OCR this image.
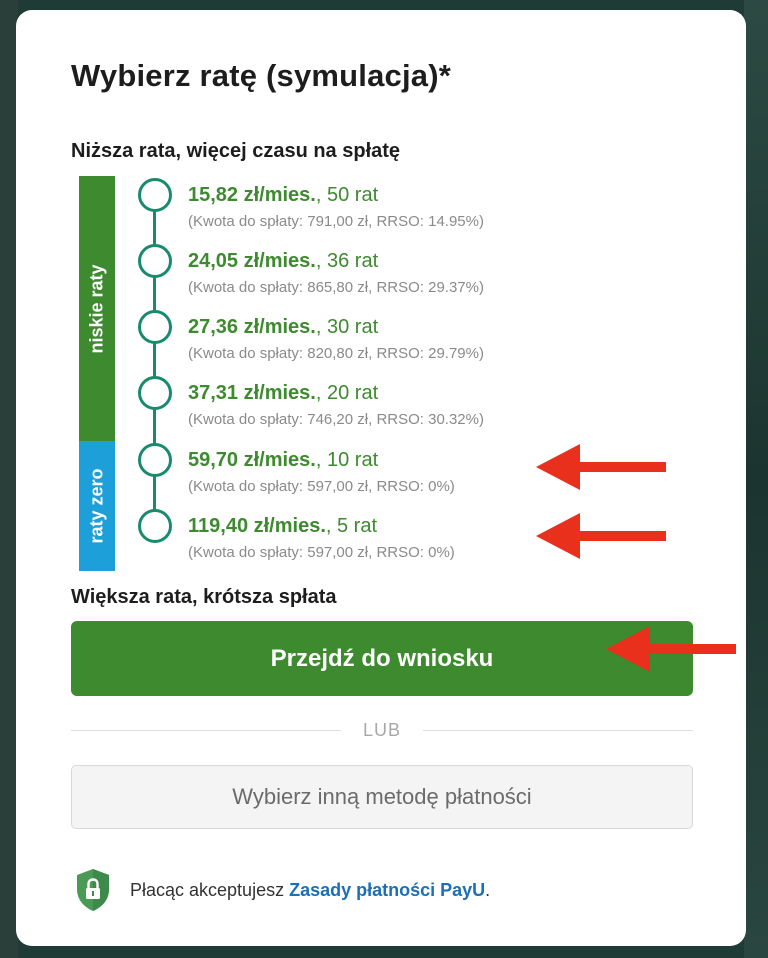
Wybierz ratę (symulacja)*
Niższa rata, więcej czasu na spłatę
niskie raty
raty zero
15,82 zł/mies., 50 rat
(Kwota do spłaty: 791,00 zł, RRSO: 14.95%)
24,05 zł/mies., 36 rat
(Kwota do spłaty: 865,80 zł, RRSO: 29.37%)
27,36 zł/mies., 30 rat
(Kwota do spłaty: 820,80 zł, RRSO: 29.79%)
37,31 zł/mies., 20 rat
(Kwota do spłaty: 746,20 zł, RRSO: 30.32%)
59,70 zł/mies., 10 rat
(Kwota do spłaty: 597,00 zł, RRSO: 0%)
119,40 zł/mies., 5 rat
(Kwota do spłaty: 597,00 zł, RRSO: 0%)
Większa rata, krótsza spłata
Przejdź do wniosku
LUB
Wybierz inną metodę płatności
Płacąc akceptujesz Zasady płatności PayU.
